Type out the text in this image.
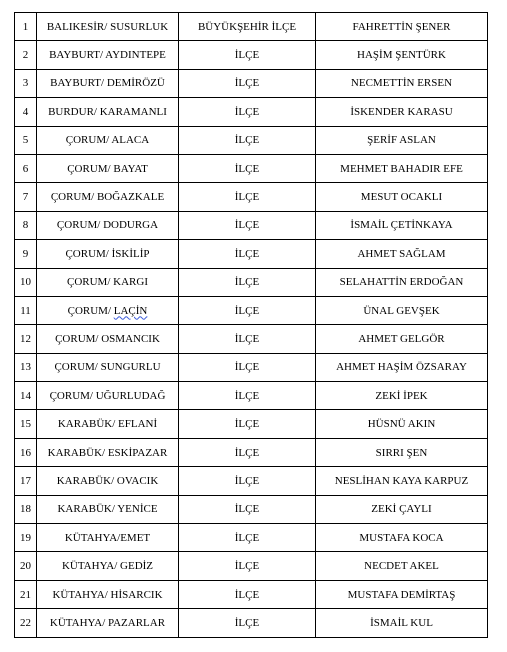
1	BALIKESİR/ SUSURLUK	BÜYÜKŞEHİR İLÇE	FAHRETTİN ŞENER
2	BAYBURT/ AYDINTEPE	İLÇE	HAŞİM ŞENTÜRK
3	BAYBURT/ DEMİRÖZÜ	İLÇE	NECMETTİN ERSEN
4	BURDUR/ KARAMANLI	İLÇE	İSKENDER KARASU
5	ÇORUM/ ALACA	İLÇE	ŞERİF ASLAN
6	ÇORUM/ BAYAT	İLÇE	MEHMET BAHADIR EFE
7	ÇORUM/ BOĞAZKALE	İLÇE	MESUT OCAKLI
8	ÇORUM/ DODURGA	İLÇE	İSMAİL ÇETİNKAYA
9	ÇORUM/ İSKİLİP	İLÇE	AHMET SAĞLAM
10	ÇORUM/ KARGI	İLÇE	SELAHATTİN ERDOĞAN
11	ÇORUM/ LAÇİN	İLÇE	ÜNAL GEVŞEK
12	ÇORUM/ OSMANCIK	İLÇE	AHMET GELGÖR
13	ÇORUM/ SUNGURLU	İLÇE	AHMET HAŞİM ÖZSARAY
14	ÇORUM/ UĞURLUDAĞ	İLÇE	ZEKİ İPEK
15	KARABÜK/ EFLANİ	İLÇE	HÜSNÜ AKIN
16	KARABÜK/ ESKİPAZAR	İLÇE	SIRRI ŞEN
17	KARABÜK/ OVACIK	İLÇE	NESLİHAN KAYA KARPUZ
18	KARABÜK/ YENİCE	İLÇE	ZEKİ ÇAYLI
19	KÜTAHYA/EMET	İLÇE	MUSTAFA KOCA
20	KÜTAHYA/ GEDİZ	İLÇE	NECDET AKEL
21	KÜTAHYA/ HİSARCIK	İLÇE	MUSTAFA DEMİRTAŞ
22	KÜTAHYA/ PAZARLAR	İLÇE	İSMAİL KUL
